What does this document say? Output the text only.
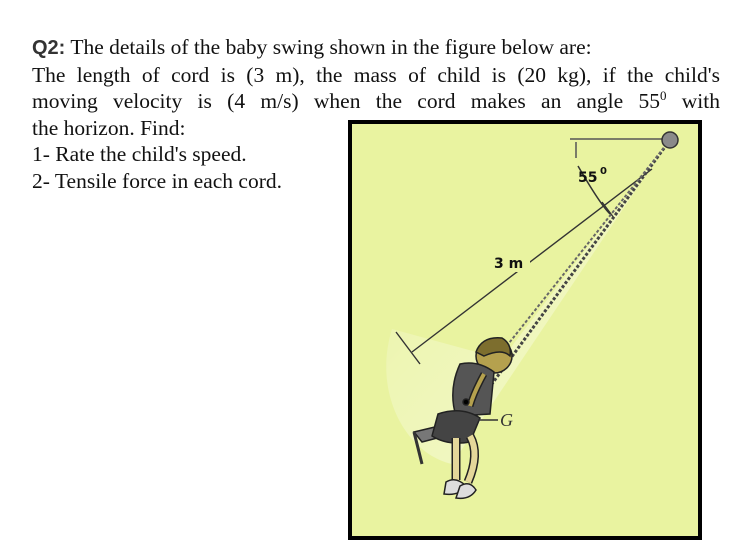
Q2: The details of the baby swing shown in the figure below are:
The length of cord is (3 m), the mass of child is (20 kg), if the child's
moving velocity is (4 m/s) when the cord makes an angle $55^0$ with
the horizon. Find:
1- Rate the child's speed.
2- Tensile force in each cord.	55 0
3 m
G
